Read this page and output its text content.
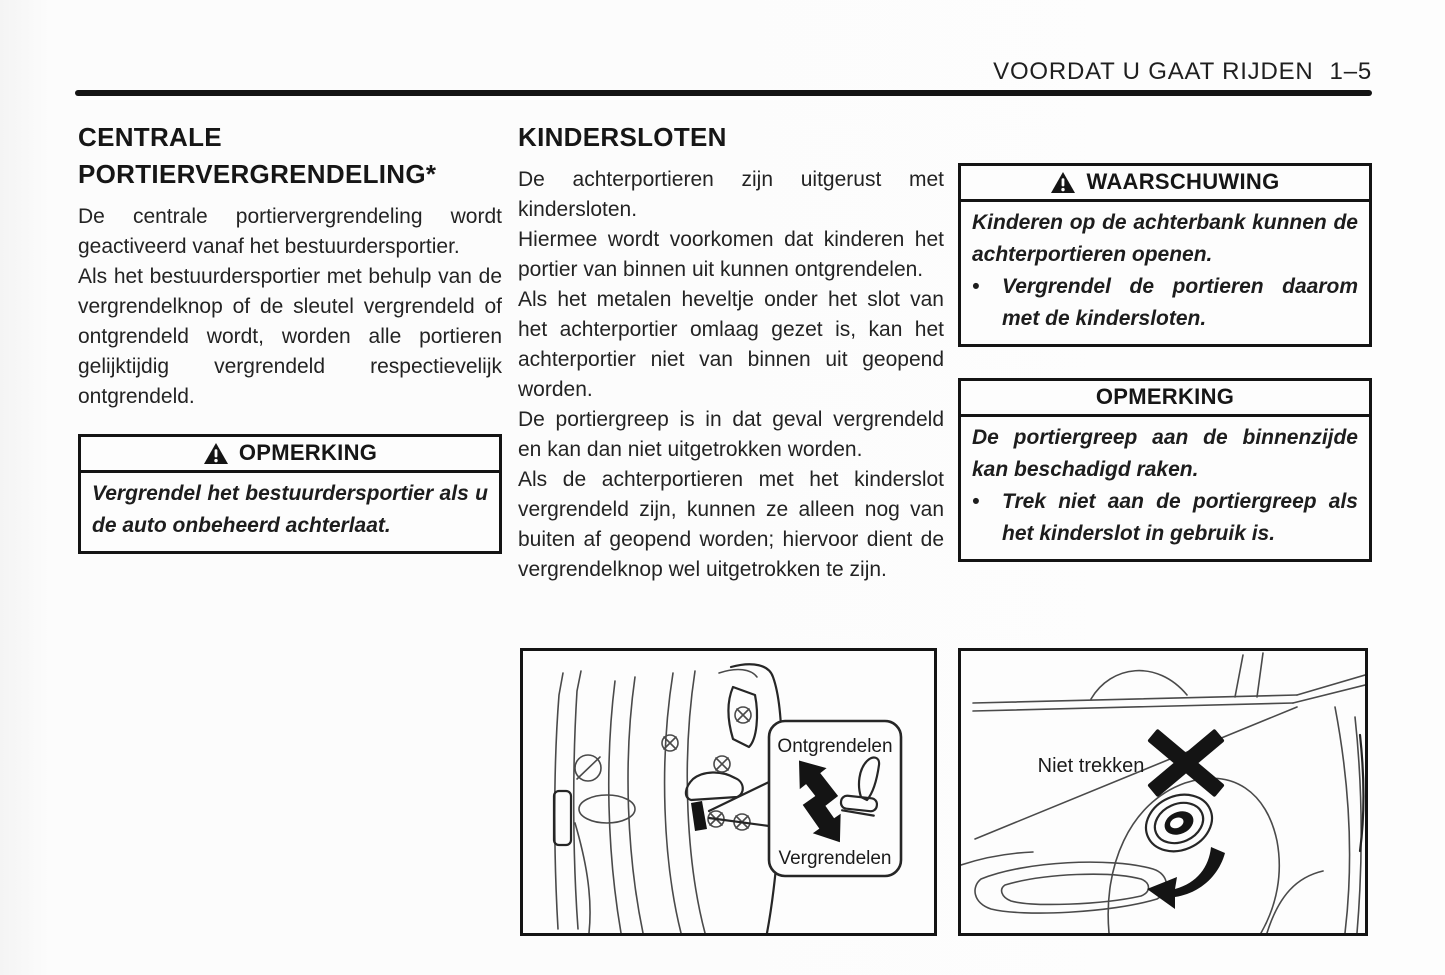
VOORDAT U GAAT RIJDEN 1–5
CENTRALE PORTIERVERGRENDELING*

De centrale portiervergrendeling wordt geactiveerd vanaf het bestuurdersportier.

Als het bestuurdersportier met behulp van de vergrendelknop of de sleutel vergrendeld of ontgrendeld wordt, worden alle portieren gelijktijdig vergrendeld respectievelijk ontgrendeld.

OPMERKING

Vergrendel het bestuurdersportier als u de auto onbeheerd achterlaat.

KINDERSLOTEN

De achterportieren zijn uitgerust met kindersloten.

Hiermee wordt voorkomen dat kinderen het portier van binnen uit kunnen ontgrendelen.

Als het metalen heveltje onder het slot van het achterportier omlaag gezet is, kan het achterportier niet van binnen uit geopend worden.

De portiergreep is in dat geval vergrendeld en kan dan niet uitgetrokken worden.

Als de achterportieren met het kinderslot vergrendeld zijn, kunnen ze alleen nog van buiten af geopend worden; hiervoor dient de vergrendelknop wel uitgetrokken te zijn.

WAARSCHUWING

Kinderen op de achterbank kunnen de achterportieren openen.

•	Vergrendel de portieren daarom met de kindersloten.
OPMERKING

De portiergreep aan de binnenzijde kan beschadigd raken.

•	Trek niet aan de portiergreep als het kinderslot in gebruik is.
Ontgrendelen
Vergrendelen
Niet trekken
